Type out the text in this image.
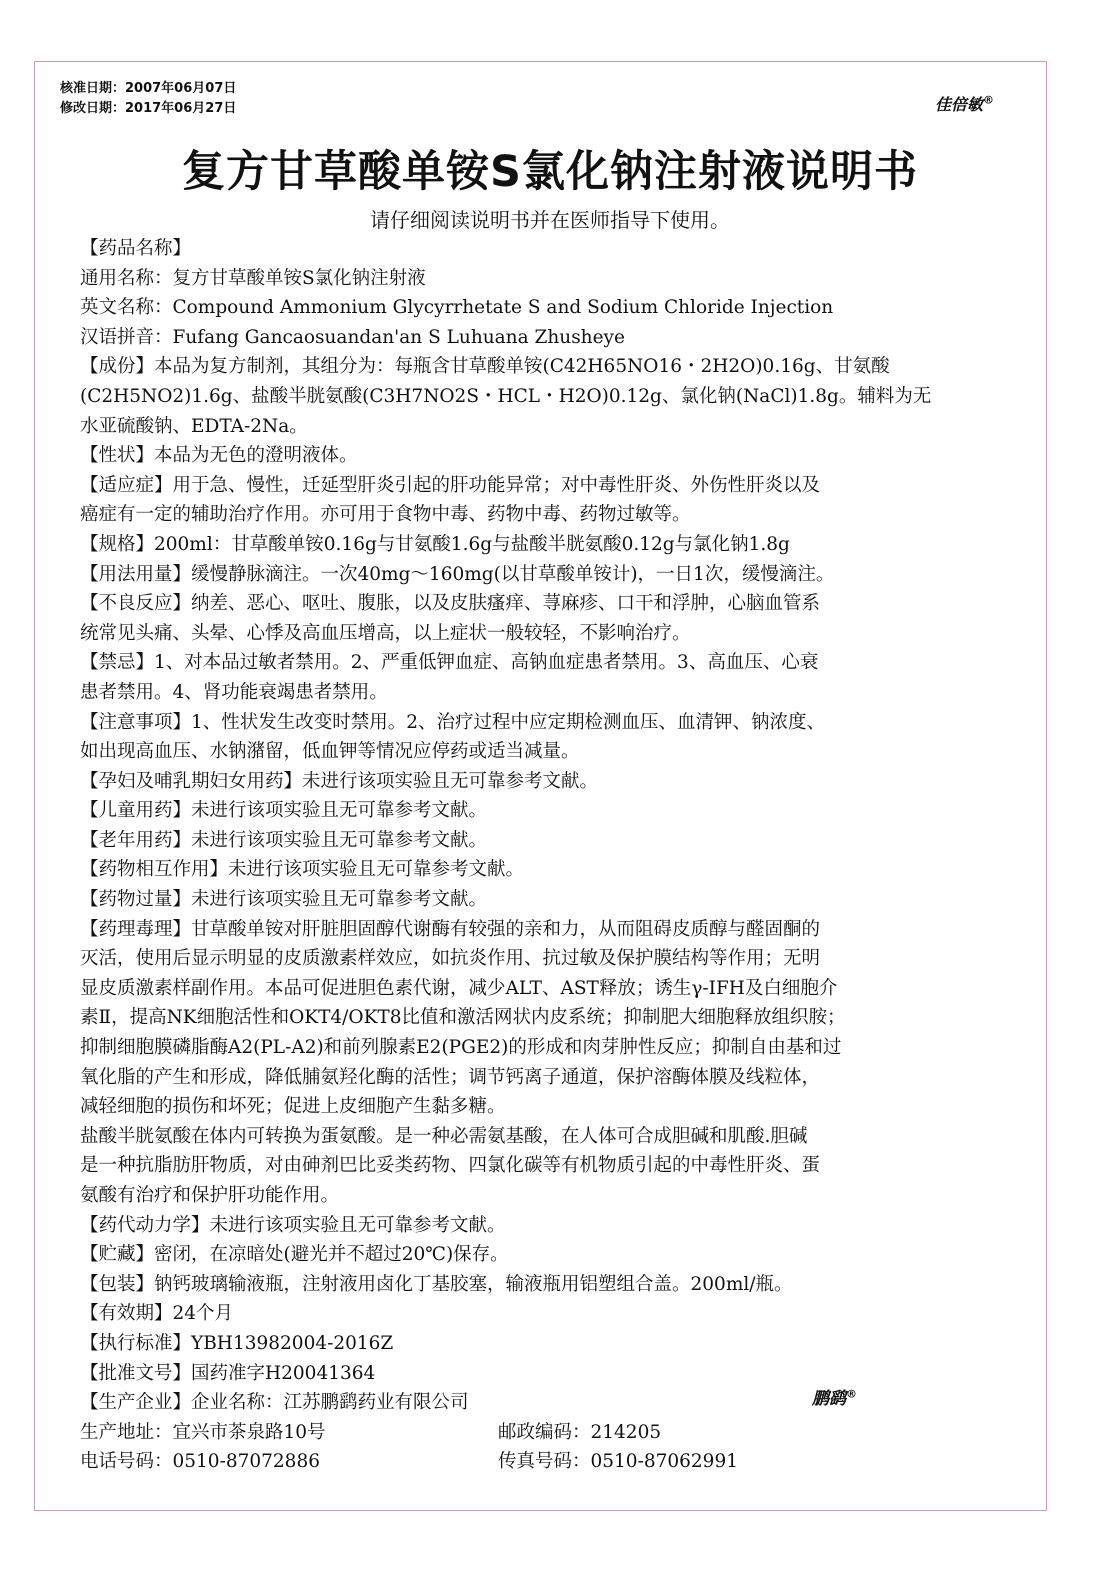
核准日期：2007年06月07日
修改日期：2017年06月27日	佳倍敏®
复方甘草酸单铵S氯化钠注射液说明书
请仔细阅读说明书并在医师指导下使用。
【药品名称】
通用名称：复方甘草酸单铵S氯化钠注射液
英文名称：Compound Ammonium Glycyrrhetate S and Sodium Chloride Injection
汉语拼音：Fufang Gancaosuandan'an S Luhuana Zhusheye
【成份】本品为复方制剂，其组分为：每瓶含甘草酸单铵(C42H65NO16・2H2O)0.16g、甘氨酸
(C2H5NO2)1.6g、盐酸半胱氨酸(C3H7NO2S・HCL・H2O)0.12g、氯化钠(NaCl)1.8g。辅料为无
水亚硫酸钠、EDTA-2Na。
【性状】本品为无色的澄明液体。
【适应症】用于急、慢性，迁延型肝炎引起的肝功能异常；对中毒性肝炎、外伤性肝炎以及
癌症有一定的辅助治疗作用。亦可用于食物中毒、药物中毒、药物过敏等。
【规格】200ml：甘草酸单铵0.16g与甘氨酸1.6g与盐酸半胱氨酸0.12g与氯化钠1.8g
【用法用量】缓慢静脉滴注。一次40mg～160mg(以甘草酸单铵计)，一日1次，缓慢滴注。
【不良反应】纳差、恶心、呕吐、腹胀，以及皮肤瘙痒、荨麻疹、口干和浮肿，心脑血管系
统常见头痛、头晕、心悸及高血压增高，以上症状一般较轻，不影响治疗。
【禁忌】1、对本品过敏者禁用。2、严重低钾血症、高钠血症患者禁用。3、高血压、心衰
患者禁用。4、肾功能衰竭患者禁用。
【注意事项】1、性状发生改变时禁用。2、治疗过程中应定期检测血压、血清钾、钠浓度、
如出现高血压、水钠潴留，低血钾等情况应停药或适当减量。
【孕妇及哺乳期妇女用药】未进行该项实验且无可靠参考文献。
【儿童用药】未进行该项实验且无可靠参考文献。
【老年用药】未进行该项实验且无可靠参考文献。
【药物相互作用】未进行该项实验且无可靠参考文献。
【药物过量】未进行该项实验且无可靠参考文献。
【药理毒理】甘草酸单铵对肝脏胆固醇代谢酶有较强的亲和力，从而阻碍皮质醇与醛固酮的
灭活，使用后显示明显的皮质激素样效应，如抗炎作用、抗过敏及保护膜结构等作用；无明
显皮质激素样副作用。本品可促进胆色素代谢，减少ALT、AST释放；诱生γ-IFH及白细胞介
素Ⅱ，提高NK细胞活性和OKT4/OKT8比值和激活网状内皮系统；抑制肥大细胞释放组织胺；
抑制细胞膜磷脂酶A2(PL-A2)和前列腺素E2(PGE2)的形成和肉芽肿性反应；抑制自由基和过
氧化脂的产生和形成，降低脯氨羟化酶的活性；调节钙离子通道，保护溶酶体膜及线粒体，
减轻细胞的损伤和坏死；促进上皮细胞产生黏多糖。
盐酸半胱氨酸在体内可转换为蛋氨酸。是一种必需氨基酸，在人体可合成胆碱和肌酸.胆碱
是一种抗脂肪肝物质，对由砷剂巴比妥类药物、四氯化碳等有机物质引起的中毒性肝炎、蛋
氨酸有治疗和保护肝功能作用。
【药代动力学】未进行该项实验且无可靠参考文献。
【贮藏】密闭，在凉暗处(避光并不超过20℃)保存。
【包装】钠钙玻璃输液瓶，注射液用卤化丁基胶塞，输液瓶用铝塑组合盖。200ml/瓶。
【有效期】24个月
【执行标准】YBH13982004-2016Z
【批准文号】国药准字H20041364
【生产企业】企业名称：江苏鹏鹞药业有限公司
生产地址：宜兴市茶泉路10号	邮政编码：214205
电话号码：0510-87072886	传真号码：0510-87062991
鹏鹞®
